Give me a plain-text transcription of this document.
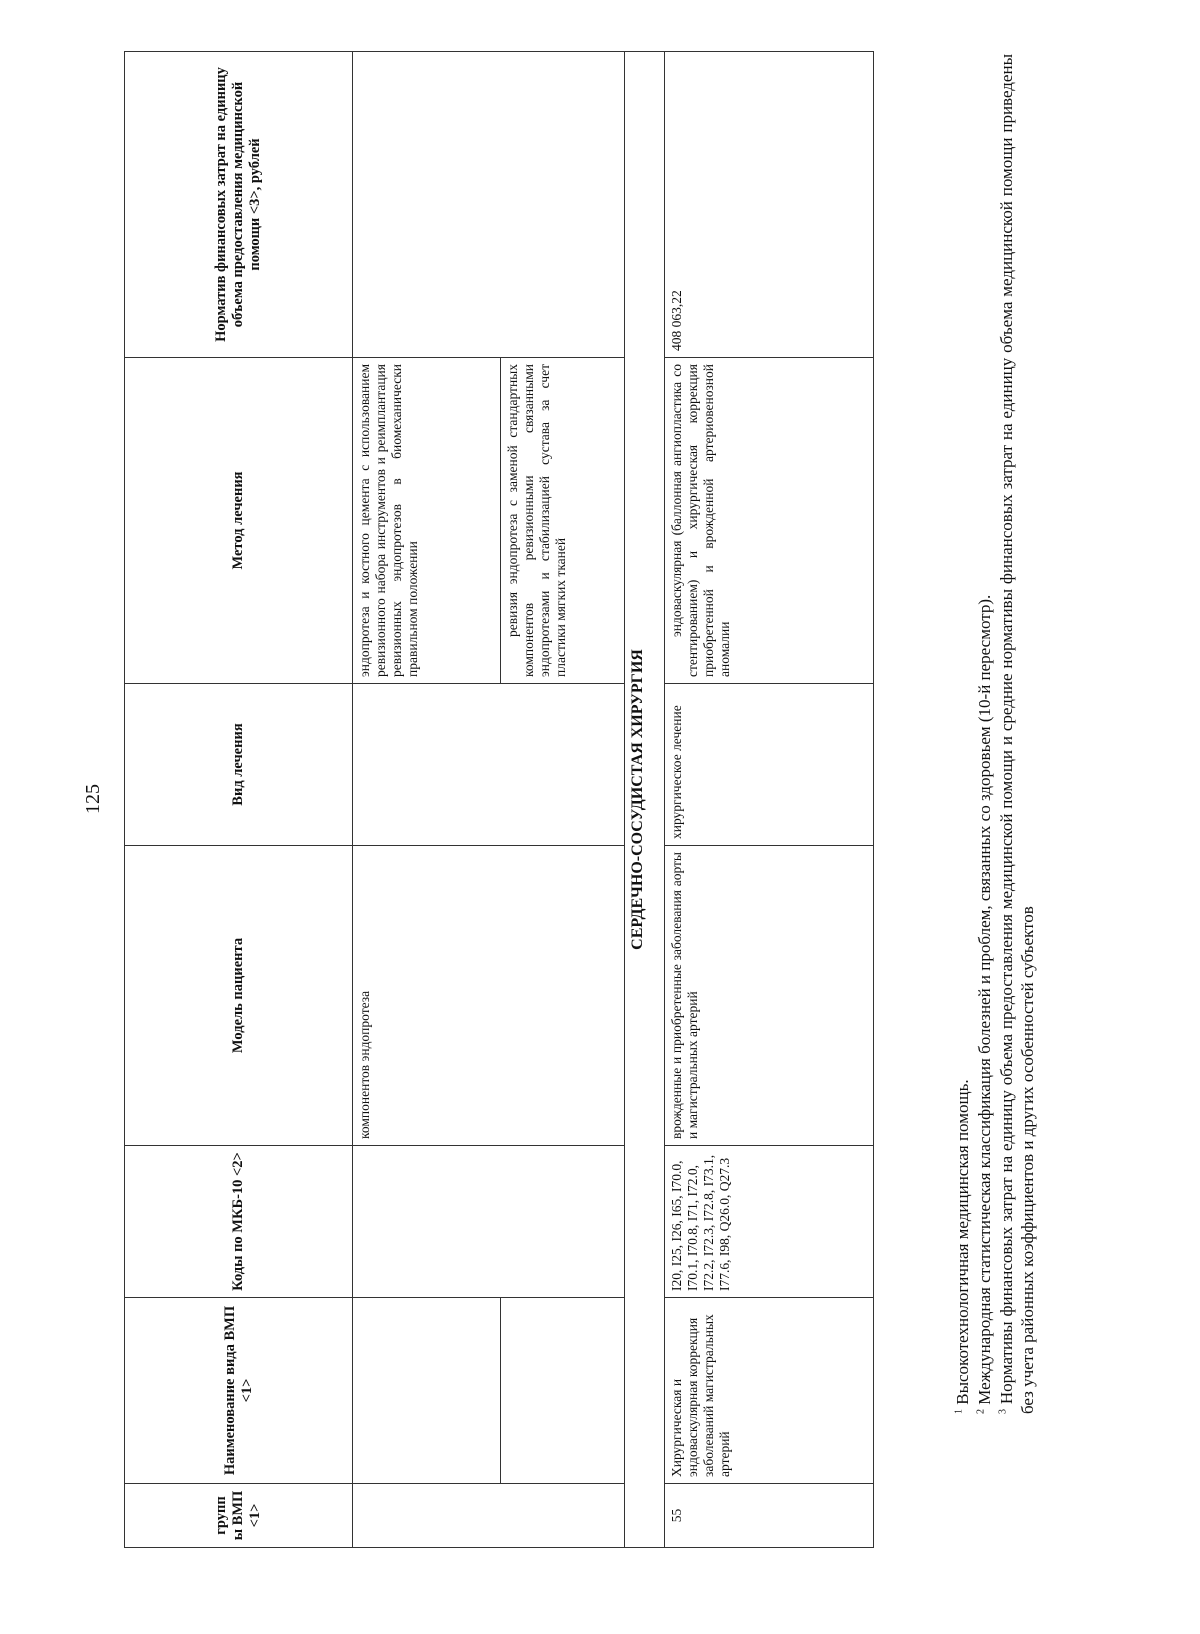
125
групп ы ВМП <1>	Наименование вида ВМП <1>	Коды по МКБ-10 <2>	Модель пациента	Вид лечения	Метод лечения	Норматив финансовых затрат на единицу объема предоставления медицинской помощи <3>, рублей
			компонентов эндопротеза		эндопротеза и костного цемента с использованием ревизионного набора инструментов и реимплантация ревизионных эндопротезов в биомеханически правильном положении	
					ревизия эндопротеза с заменой стандартных компонентов ревизионными связанными эндопротезами и стабилизацией сустава за счет пластики мягких тканей	
СЕРДЕЧНО-СОСУДИСТАЯ ХИРУРГИЯ						
55	Хирургическая и эндоваскулярная коррекция заболеваний магистральных артерий	I20, I25, I26, I65, I70.0, I70.1, I70.8, I71, I72.0, I72.2, I72.3, I72.8, I73.1, I77.6, I98, Q26.0, Q27.3	врожденные и приобретенные заболевания аорты и магистральных артерий	хирургическое лечение	эндоваскулярная (баллонная ангиопластика со стентированием) и хирургическая коррекция приобретенной и врожденной артериовенозной аномалии	408 063,22

$^1$ Высокотехнологичная медицинская помощь.

$^2$ Международная статистическая классификация болезней и проблем, связанных со здоровьем (10-й пересмотр).

$^3$ Нормативы финансовых затрат на единицу объема предоставления медицинской помощи и средние нормативы финансовых затрат на единицу объема медицинской помощи приведены без учета районных коэффициентов и других особенностей субъектов
